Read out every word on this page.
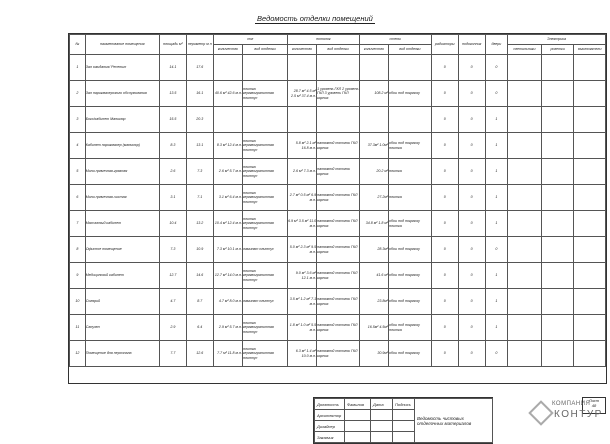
Ведомость отделки помещений
№	наименование помещения	площадь м²	периметр м п	пол		потолок		стены		радиаторы	подоконник	двери	Электрика		
				количество	вид отделки	количество	вид отделки	количество	вид отделки				светильники	розетки	выключатели
1	Зал ожидания/ Ресепшн	14.1	17.6							0	0	0			
2	Зал парикмахерского обслуживания	13.5	16.1	40.6 м² 42.6 м.п.	плитка керамогранитная плинтус	28.7 м² 4.5 м² 2.5 м² 37.4 м.п.	1 уровень ГКЛ 2 уровень ГКЛ 3 уровень ГКЛ карниз	108.2 м²	обои под покраску	0	0	0			
3	Бокс/кабинет Маникюр	15.5	20.3							0	0	1			
4	Кабинет парикмахер (маникюр)	8.3	13.1	8.3 м² 12.4 м.п.	плитка керамогранитная плинтус	5.8 м² 2.1 м² 16.8 м.п.	натяжной потолок ГКЛ карниз	37.3м² 1.0м²	обои под покраску плитка	0	0	1			
5	Мини прачечная-грязная	2.6	7.3	2.6 м² 5.7 м.п.	плитка керамогранитная плинтус	2.6 м² 7.3 м.п.	натяжной потолок карниз	20.2 м²	плитка	0	0	1			
6	Мини прачечная-чистая	3.1	7.1	3.1 м² 6.4 м.п.	плитка керамогранитная плинтус	2.7 м² 0.5 м² 6.9 м.п.	натяжной потолок ГКЛ карниз	27.2м²	плитка	0	0	1			
7	Массажный кабинет	10.4	13.2	10.4 м² 12.4 м.п.	плитка керамогранитная плинтус	6.9 м² 3.5 м² 11.0 м.п.	натяжной потолок ГКЛ карниз	34.8 м² 1.8 м²	обои под покраску плитка	0	0	1			
8	Офисное помещение	7.3	10.9	7.3 м² 10.1 м.п.	ламинат плинтус	5.0 м² 2.3 м² 9.5 м.п.	натяжной потолок ГКЛ карниз	28.3м²	обои под покраску	0	0	0			
9	Медицинский кабинет	12.7	14.6	12.7 м² 14.0 м.п.	плитка керамогранитная плинтус	9.0 м² 3.6 м² 12.1 м.п.	натяжной потолок ГКЛ карниз	41.6 м²	обои под покраску	0	0	1			
10	Солярий	4.7	8.7	4.7 м² 8.0 м.п.	ламинат плинтус	3.5 м² 1.2 м² 7.1 м.п.	натяжной потолок ГКЛ карниз	23.8м²	обои под покраску	0	0	1			
11	Санузел	2.9	6.4	2.9 м² 5.7 м.п.	плитка керамогранитная плинтус	1.8 м² 1.0 м² 5.5 м.п.	натяжной потолок ГКЛ карниз	16.5м² 4.5м²	обои под покраску плитка	0	0	1			
12	Помещение для персонала	7.7	12.6	7.7 м² 11.8 м.п.	плитка керамогранитная плинтус	6.3 м² 1.4 м² 10.0 м.п.	натяжной потолок ГКЛ карниз	30.9м²	обои под покраску	0	0	0			
Должность	Фамилия	Дата	Подпись	Ведомость чистовых отделочных материалов
Архитектор				
Дизайнер				
Заказчик				
Лист
48
КОМПАНИЯ
КОНТУР
